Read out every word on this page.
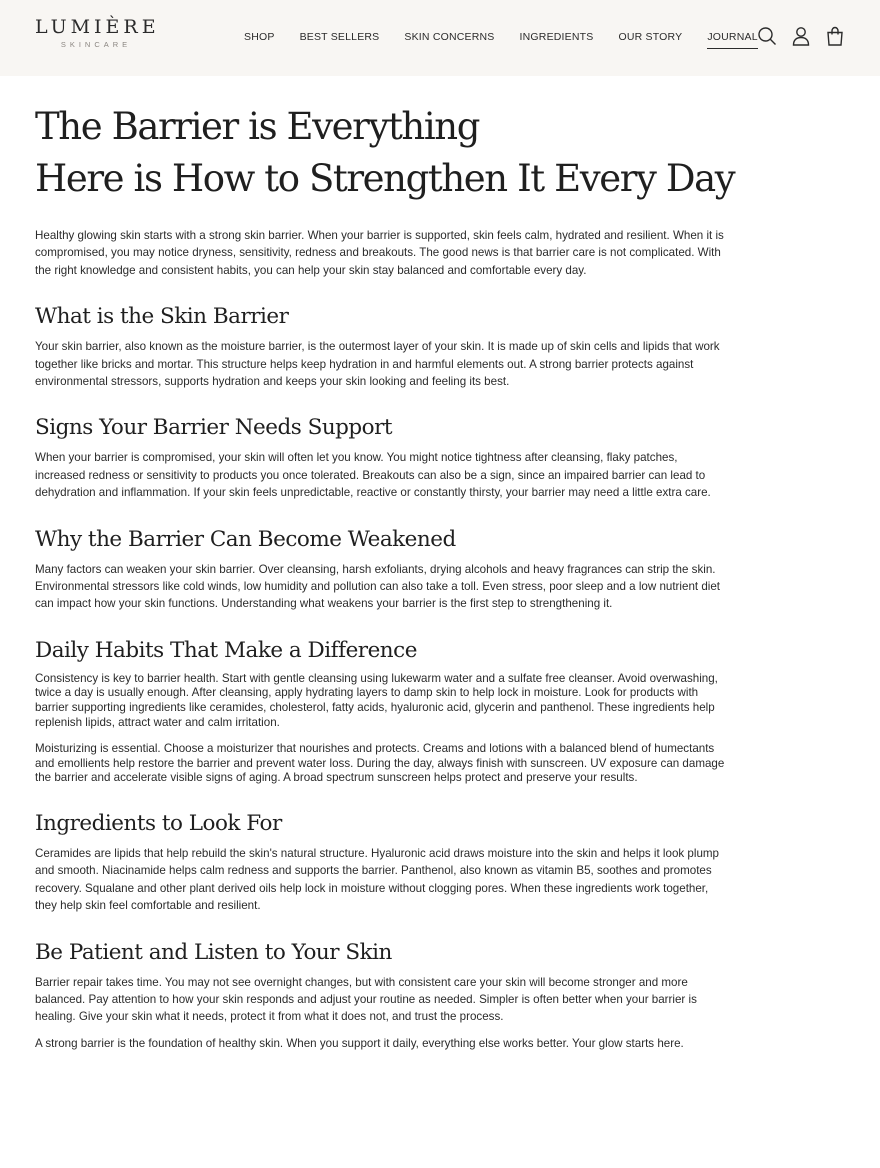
LUMIÈRE
SKINCARE
SHOP BEST SELLERS SKIN CONCERNS INGREDIENTS OUR STORY JOURNAL
The Barrier is Everything
Here is How to Strengthen It Every Day

Healthy glowing skin starts with a strong skin barrier. When your barrier is supported, skin feels calm, hydrated and resilient. When it is compromised, you may notice dryness, sensitivity, redness and breakouts. The good news is that barrier care is not complicated. With the right knowledge and consistent habits, you can help your skin stay balanced and comfortable every day.

What is the Skin Barrier

Your skin barrier, also known as the moisture barrier, is the outermost layer of your skin. It is made up of skin cells and lipids that work together like bricks and mortar. This structure helps keep hydration in and harmful elements out. A strong barrier protects against environmental stressors, supports hydration and keeps your skin looking and feeling its best.

Signs Your Barrier Needs Support

When your barrier is compromised, your skin will often let you know. You might notice tightness after cleansing, flaky patches, increased redness or sensitivity to products you once tolerated. Breakouts can also be a sign, since an impaired barrier can lead to dehydration and inflammation. If your skin feels unpredictable, reactive or constantly thirsty, your barrier may need a little extra care.

Why the Barrier Can Become Weakened

Many factors can weaken your skin barrier. Over cleansing, harsh exfoliants, drying alcohols and heavy fragrances can strip the skin. Environmental stressors like cold winds, low humidity and pollution can also take a toll. Even stress, poor sleep and a low nutrient diet can impact how your skin functions. Understanding what weakens your barrier is the first step to strengthening it.

Daily Habits That Make a Difference

Consistency is key to barrier health. Start with gentle cleansing using lukewarm water and a sulfate free cleanser. Avoid overwashing, twice a day is usually enough. After cleansing, apply hydrating layers to damp skin to help lock in moisture. Look for products with barrier supporting ingredients like ceramides, cholesterol, fatty acids, hyaluronic acid, glycerin and panthenol. These ingredients help replenish lipids, attract water and calm irritation.

Moisturizing is essential. Choose a moisturizer that nourishes and protects. Creams and lotions with a balanced blend of humectants and emollients help restore the barrier and prevent water loss. During the day, always finish with sunscreen. UV exposure can damage the barrier and accelerate visible signs of aging. A broad spectrum sunscreen helps protect and preserve your results.

Ingredients to Look For

Ceramides are lipids that help rebuild the skin's natural structure. Hyaluronic acid draws moisture into the skin and helps it look plump and smooth. Niacinamide helps calm redness and supports the barrier. Panthenol, also known as vitamin B5, soothes and promotes recovery. Squalane and other plant derived oils help lock in moisture without clogging pores. When these ingredients work together, they help skin feel comfortable and resilient.

Be Patient and Listen to Your Skin

Barrier repair takes time. You may not see overnight changes, but with consistent care your skin will become stronger and more balanced. Pay attention to how your skin responds and adjust your routine as needed. Simpler is often better when your barrier is healing. Give your skin what it needs, protect it from what it does not, and trust the process.

A strong barrier is the foundation of healthy skin. When you support it daily, everything else works better. Your glow starts here.
